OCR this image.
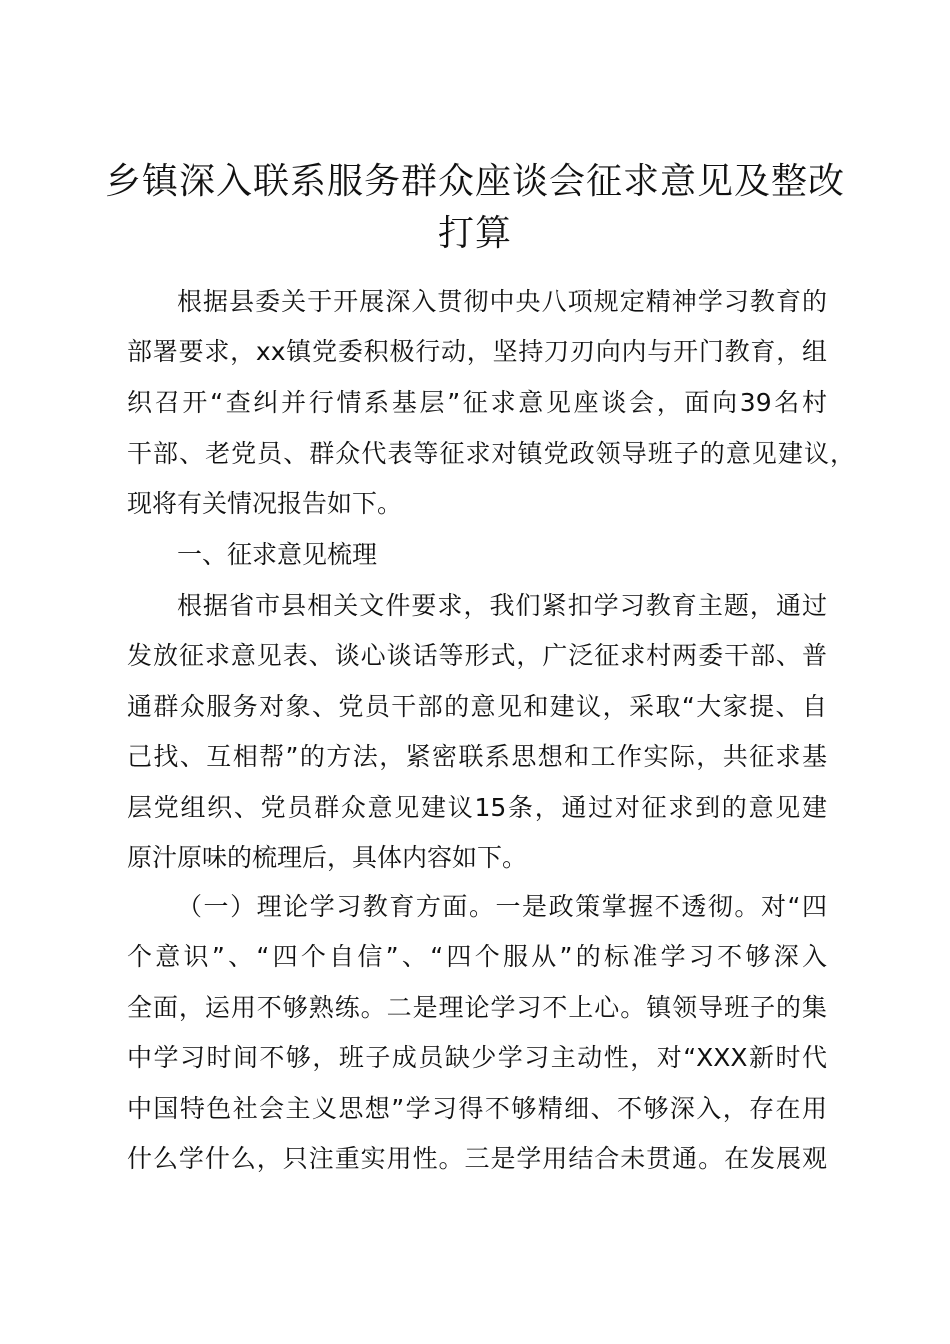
乡镇深入联系服务群众座谈会征求意见及整改
打算

根据县委关于开展深入贯彻中央八项规定精神学习教育的

部署要求，xx镇党委积极行动，坚持刀刃向内与开门教育，组

织召开“查纠并行情系基层”征求意见座谈会，面向39名村

干部、老党员、群众代表等征求对镇党政领导班子的意见建议，

现将有关情况报告如下。

一、征求意见梳理

根据省市县相关文件要求，我们紧扣学习教育主题，通过

发放征求意见表、谈心谈话等形式，广泛征求村两委干部、普

通群众服务对象、党员干部的意见和建议，采取“大家提、自

己找、互相帮”的方法，紧密联系思想和工作实际，共征求基

层党组织、党员群众意见建议15条，通过对征求到的意见建

原汁原味的梳理后，具体内容如下。

（一）理论学习教育方面。一是政策掌握不透彻。对“四

个意识”、“四个自信”、“四个服从”的标准学习不够深入

全面，运用不够熟练。二是理论学习不上心。镇领导班子的集

中学习时间不够，班子成员缺少学习主动性，对“XXX新时代

中国特色社会主义思想”学习得不够精细、不够深入，存在用

什么学什么，只注重实用性。三是学用结合未贯通。在发展观
